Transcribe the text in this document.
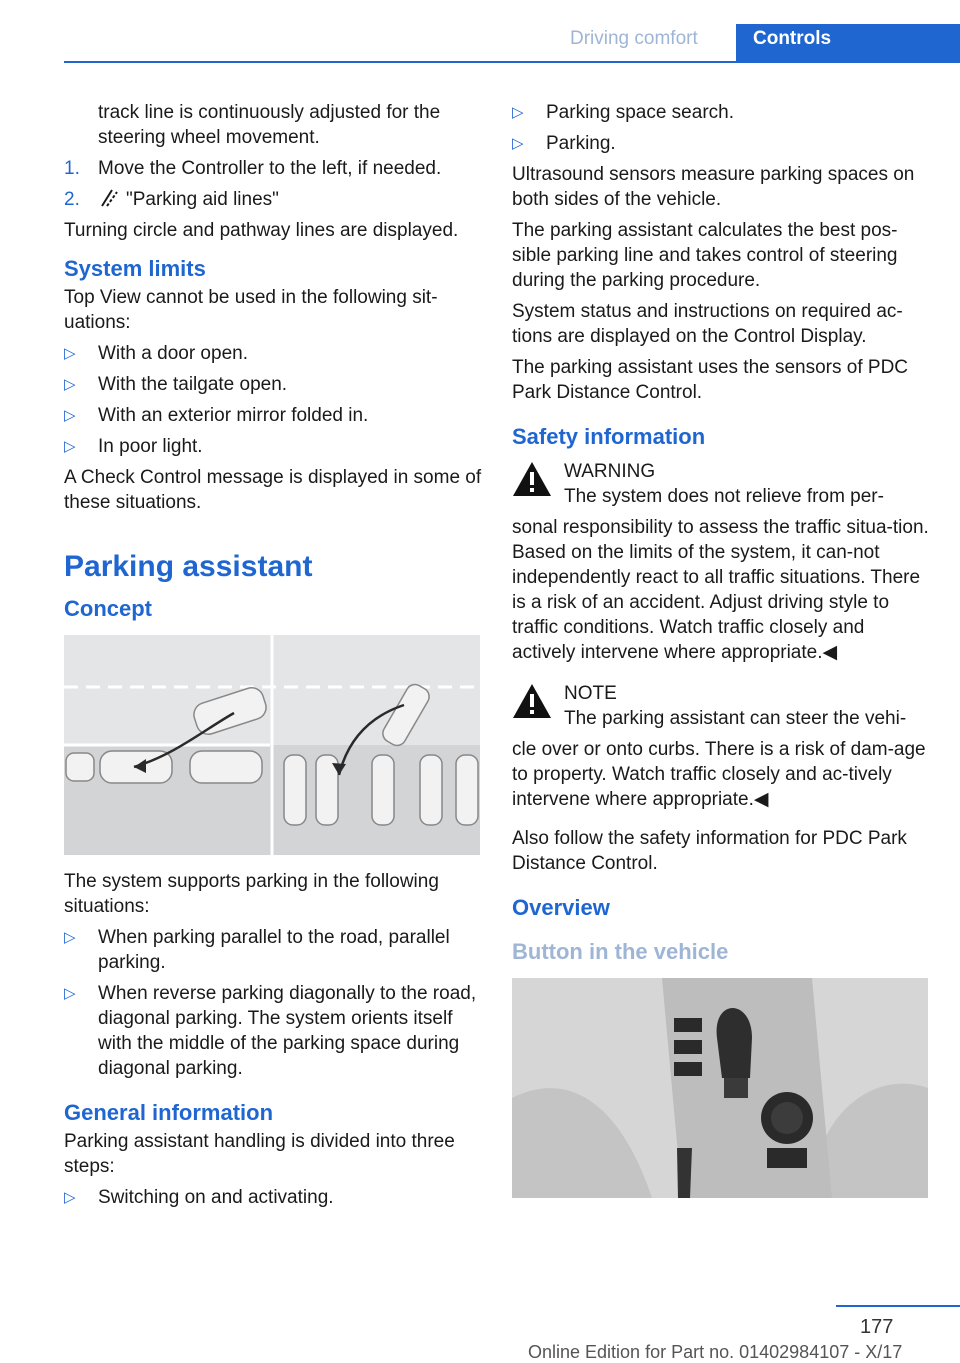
Driving comfort	Controls

track line is continuously adjusted for the steering wheel movement.

1. Move the Controller to the left, if needed.
2. "Parking aid lines"

Turning circle and pathway lines are displayed.

System limits

Top View cannot be used in the following sit‐uations:

▷ With a door open.
▷ With the tailgate open.
▷ With an exterior mirror folded in.
▷ In poor light.

A Check Control message is displayed in some of these situations.

Parking assistant
Concept

The system supports parking in the following situations:

▷ When parking parallel to the road, parallel parking.
▷ When reverse parking diagonally to the road, diagonal parking. The system orients itself with the middle of the parking space during diagonal parking.
General information

Parking assistant handling is divided into three steps:

▷ Switching on and activating.
▷ Parking space search.
▷ Parking.

Ultrasound sensors measure parking spaces on both sides of the vehicle.

The parking assistant calculates the best pos‐sible parking line and takes control of steering during the parking procedure.

System status and instructions on required ac‐tions are displayed on the Control Display.

The parking assistant uses the sensors of PDC Park Distance Control.

Safety information
WARNING
The system does not relieve from per‐

sonal responsibility to assess the traffic situa‐tion. Based on the limits of the system, it can‐not independently react to all traffic situations. There is a risk of an accident. Adjust driving style to traffic conditions. Watch traffic closely and actively intervene where appropriate.◀

NOTE
The parking assistant can steer the vehi‐

cle over or onto curbs. There is a risk of dam‐age to property. Watch traffic closely and ac‐tively intervene where appropriate.◀

Also follow the safety information for PDC Park Distance Control.

Overview
Button in the vehicle
177
Online Edition for Part no. 01402984107 - X/17
